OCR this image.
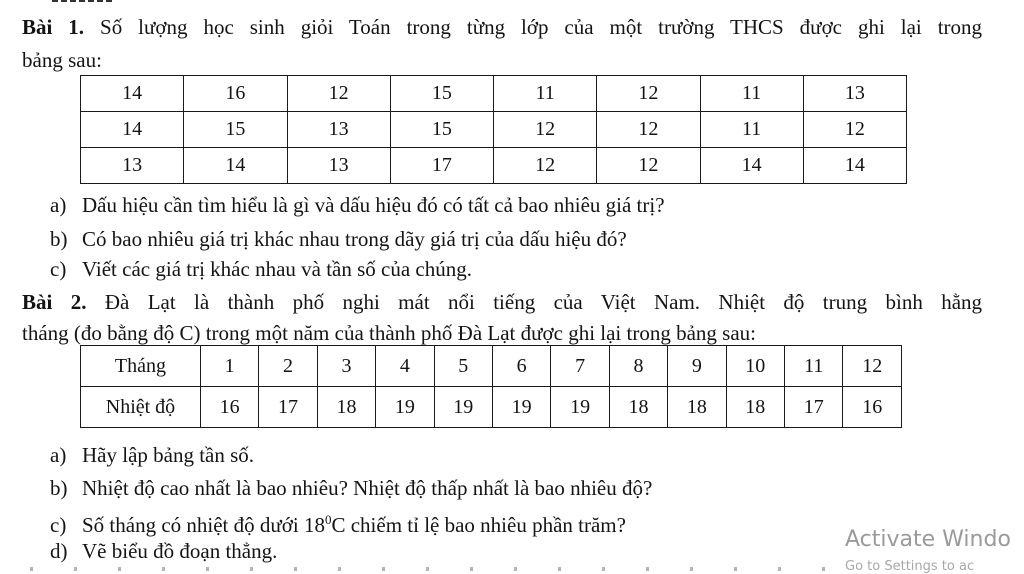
Bài 1. Số lượng học sinh giỏi Toán trong từng lớp của một trường THCS được ghi lại trong
bảng sau:
14	16	12	15	11	12	11	13
14	15	13	15	12	12	11	12
13	14	13	17	12	12	14	14
a) Dấu hiệu cần tìm hiểu là gì và dấu hiệu đó có tất cả bao nhiêu giá trị?
b) Có bao nhiêu giá trị khác nhau trong dãy giá trị của dấu hiệu đó?
c) Viết các giá trị khác nhau và tần số của chúng.
Bài 2. Đà Lạt là thành phố nghi mát nổi tiếng của Việt Nam. Nhiệt độ trung bình hằng
tháng (đo bằng độ C) trong một năm của thành phố Đà Lạt được ghi lại trong bảng sau:
Tháng	1	2	3	4	5	6	7	8	9	10	11	12
Nhiệt độ	16	17	18	19	19	19	19	18	18	18	17	16
a) Hãy lập bảng tần số.
b) Nhiệt độ cao nhất là bao nhiêu? Nhiệt độ thấp nhất là bao nhiêu độ?
c) Số tháng có nhiệt độ dưới $18^0C$ chiếm tỉ lệ bao nhiêu phần trăm?
d) Vẽ biểu đồ đoạn thẳng.	Activate Windo
Go to Settings to ac
